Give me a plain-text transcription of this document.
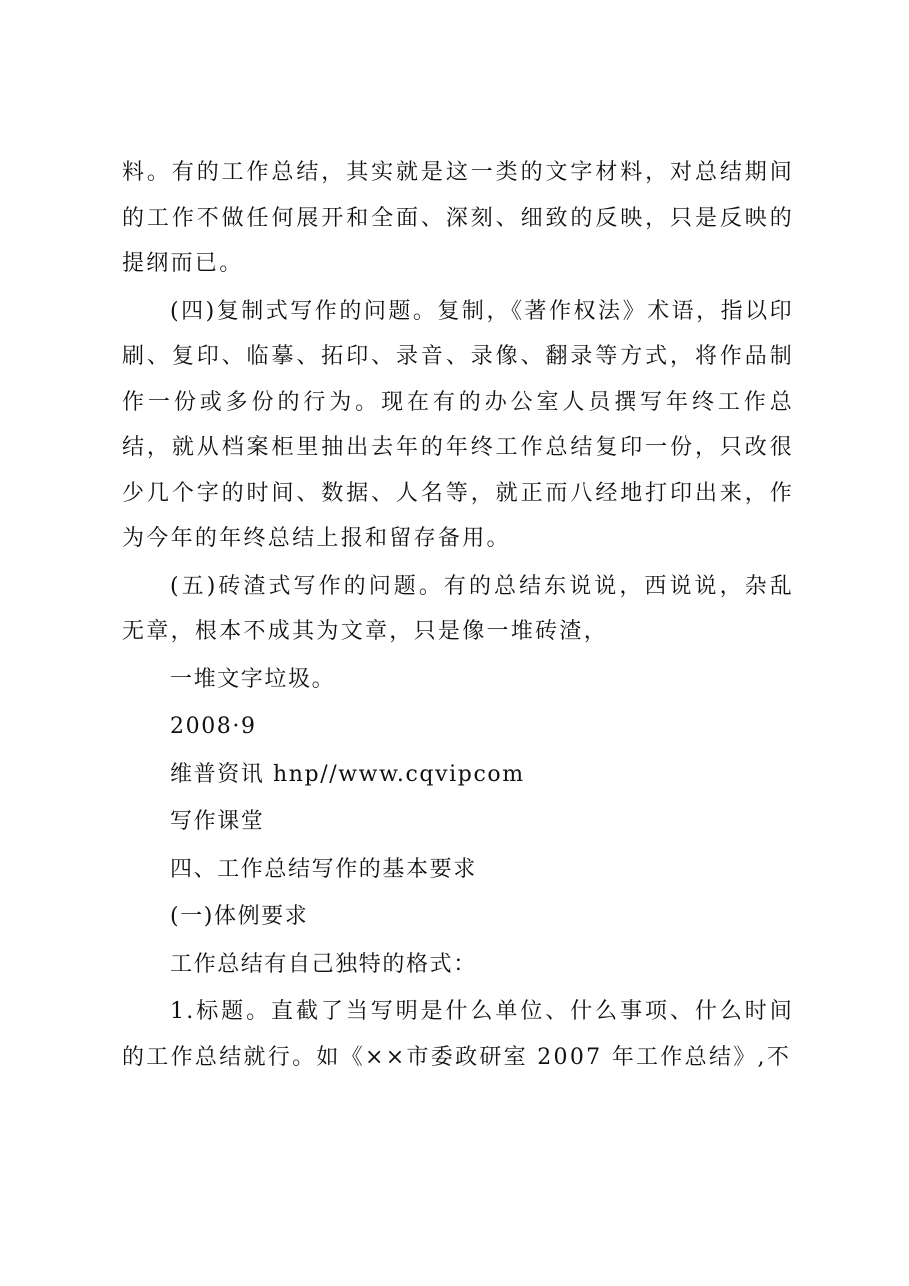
料。有的工作总结，其实就是这一类的文字材料，对总结期间的工作不做任何展开和全面、深刻、细致的反映，只是反映的提纲而已。

(四)复制式写作的问题。复制，《著作权法》术语，指以印刷、复印、临摹、拓印、录音、录像、翻录等方式，将作品制作一份或多份的行为。现在有的办公室人员撰写年终工作总结，就从档案柜里抽出去年的年终工作总结复印一份，只改很少几个字的时间、数据、人名等，就正而八经地打印出来，作为今年的年终总结上报和留存备用。

(五)砖渣式写作的问题。有的总结东说说，西说说，杂乱无章，根本不成其为文章，只是像一堆砖渣，

一堆文字垃圾。

2008·9

维普资讯 hnp//www.cqvipcom

写作课堂

四、工作总结写作的基本要求

(一)体例要求

工作总结有自己独特的格式：

1.标题。直截了当写明是什么单位、什么事项、什么时间的工作总结就行。如《××市委政研室 2007 年工作总结》,不
